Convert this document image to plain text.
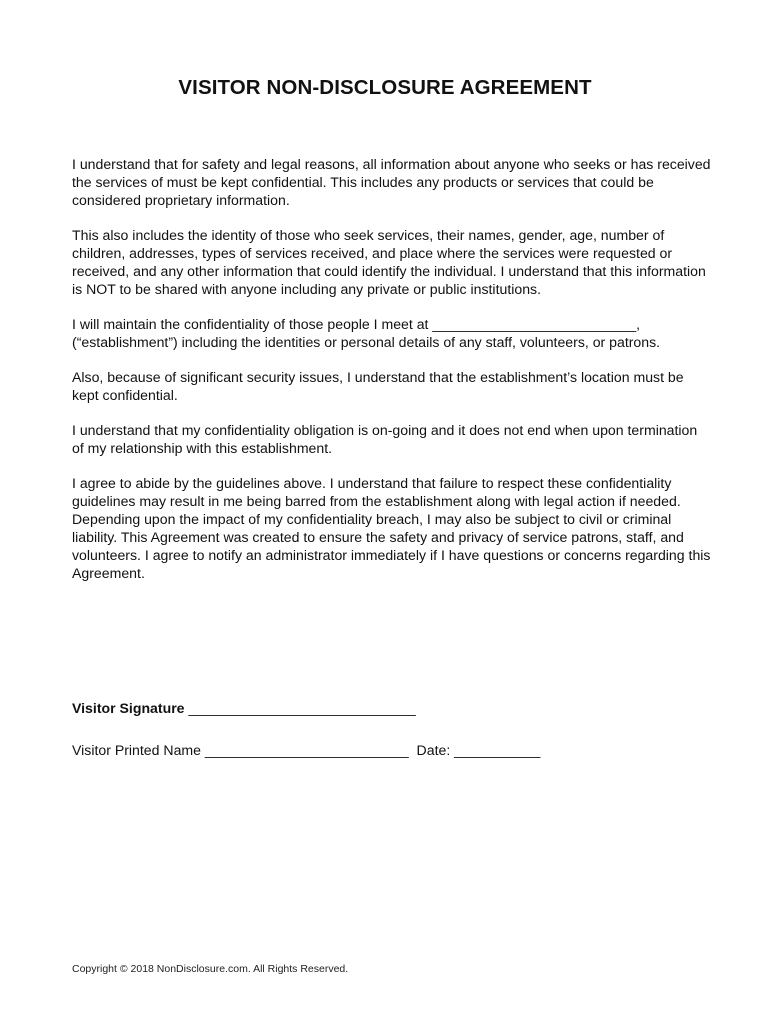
VISITOR NON-DISCLOSURE AGREEMENT

I understand that for safety and legal reasons, all information about anyone who seeks or has received the services of must be kept confidential. This includes any products or services that could be considered proprietary information.

This also includes the identity of those who seek services, their names, gender, age, number of children, addresses, types of services received, and place where the services were requested or received, and any other information that could identify the individual. I understand that this information is NOT to be shared with anyone including any private or public institutions.

I will maintain the confidentiality of those people I meet at __________________________, (“establishment”) including the identities or personal details of any staff, volunteers, or patrons.

Also, because of significant security issues, I understand that the establishment’s location must be kept confidential.

I understand that my confidentiality obligation is on-going and it does not end when upon termination of my relationship with this establishment.

I agree to abide by the guidelines above. I understand that failure to respect these confidentiality guidelines may result in me being barred from the establishment along with legal action if needed. Depending upon the impact of my confidentiality breach, I may also be subject to civil or criminal liability. This Agreement was created to ensure the safety and privacy of service patrons, staff, and volunteers. I agree to notify an administrator immediately if I have questions or concerns regarding this Agreement.

Visitor Signature _____________________________
Visitor Printed Name __________________________ Date: ___________
Copyright © 2018 NonDisclosure.com. All Rights Reserved.
